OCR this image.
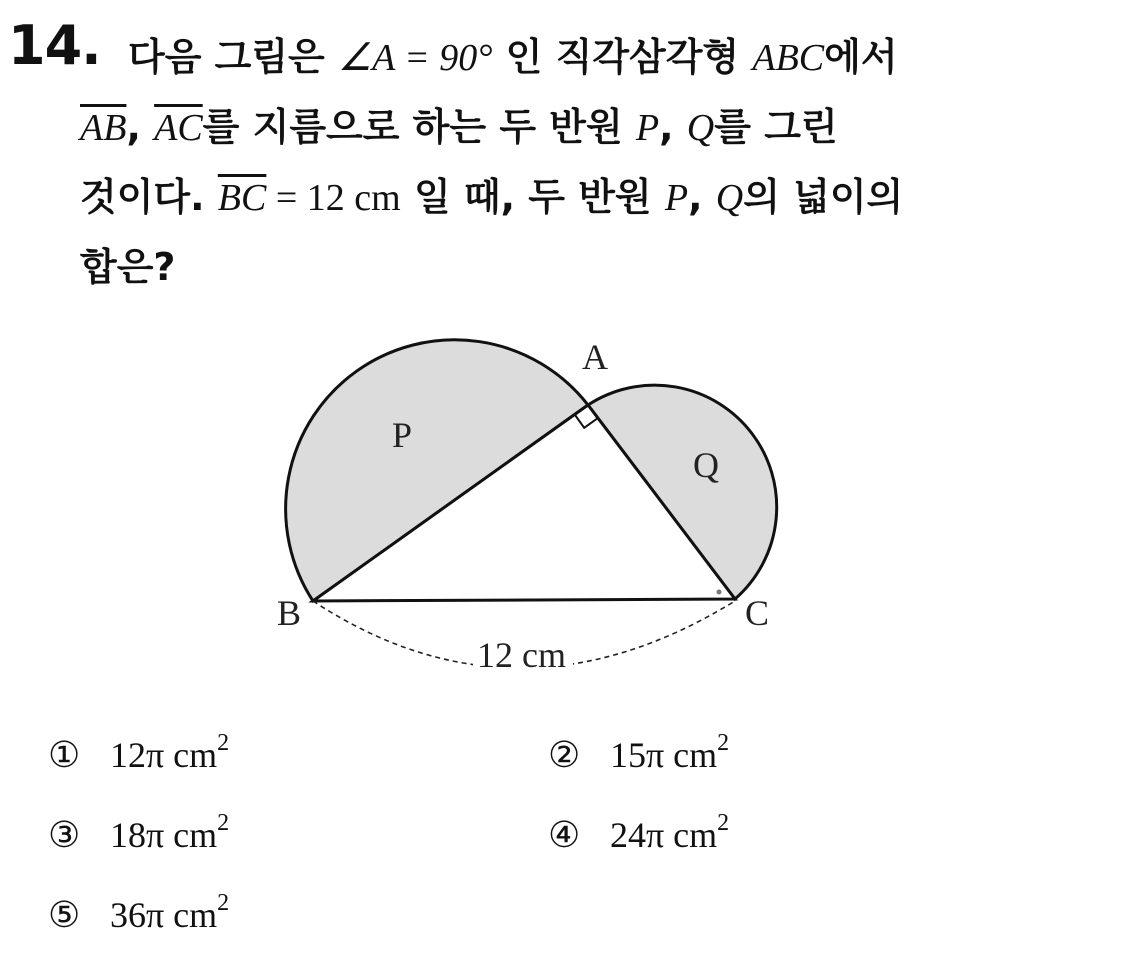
14. 다음 그림은 ∠A = 90° 인 직각삼각형 ABC에서
$\overline{AB}$, $\overline{AC}$를 지름으로 하는 두 반원 P, Q를 그린
것이다. $\overline{BC} = 12$ cm 일 때, 두 반원 P, Q의 넓이의
합은?
A
B	C
P
Q
12 cm
① 12π $cm^2$	② 15π $cm^2$
③ 18π $cm^2$	④ 24π $cm^2$
⑤ 36π $cm^2$
